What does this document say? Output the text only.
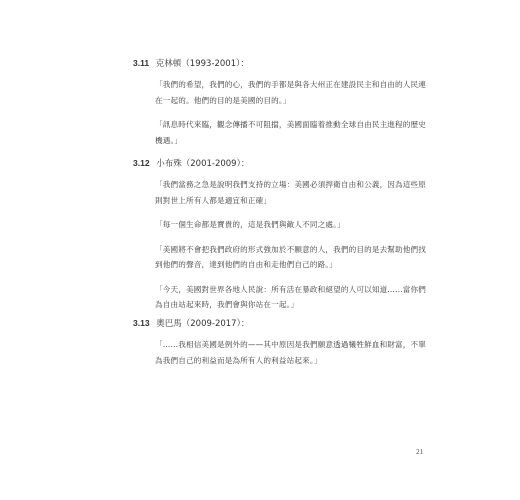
3.11 克林頓（1993-2001）：
「我們的希望，我們的心，我們的手都是與各大州正在建設民主和自由的人民連在一起的。他們的目的是美國的目的。」
「訊息時代來臨，觀念傳播不可阻擋，美國面臨着推動全球自由民主進程的歷史機遇。」
3.12 小布殊（2001-2009）：
「我們當務之急是說明我們支持的立場：美國必須捍衛自由和公義，因為這些原則對世上所有人都是適宜和正確」
「每一個生命都是寶貴的，這是我們與敵人不同之處。」
「美國將不會把我們政府的形式強加於不願意的人，我們的目的是去幫助他們找到他們的聲音，達到他們的自由和走他們自己的路。」
「今天，美國對世界各地人民說：所有活在暴政和絕望的人可以知道……當你們為自由站起來時，我們會與你站在一起。」
3.13 奧巴馬（2009-2017）：
「……我相信美國是例外的——其中原因是我們願意透過犧牲鮮血和財富，不單為我們自己的利益而是為所有人的利益站起來。」
21
